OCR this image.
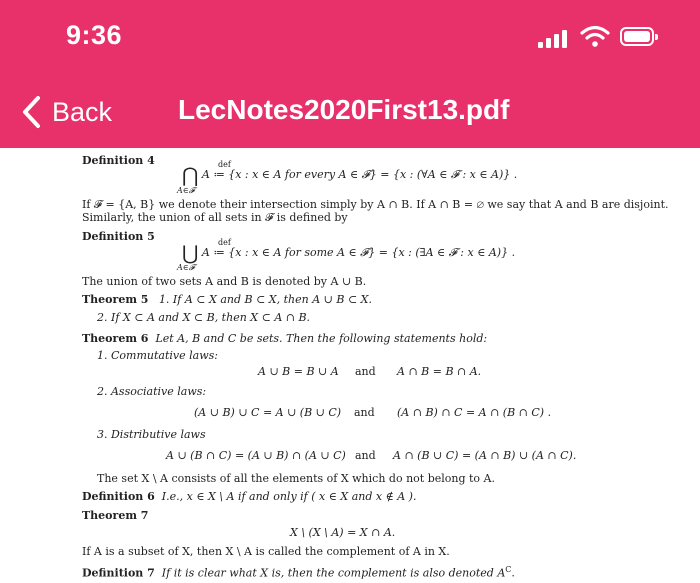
9:36
Back LecNotes2020First13.pdf
Definition 4
⋂ A ≔ {x : x ∈ A for every A ∈ 𝓕} = {x : (∀A ∈ 𝓕 : x ∈ A)} .
def
A∈𝓕
If 𝓕 = {A, B} we denote their intersection simply by A ∩ B. If A ∩ B = ∅ we say that A and B are disjoint.
Similarly, the union of all sets in 𝓕 is defined by
Definition 5
⋃ A ≔ {x : x ∈ A for some A ∈ 𝓕} = {x : (∃A ∈ 𝓕 : x ∈ A)} .
def
A∈𝓕
The union of two sets A and B is denoted by A ∪ B.
Theorem 5 1. If A ⊂ X and B ⊂ X, then A ∪ B ⊂ X.
2. If X ⊂ A and X ⊂ B, then X ⊂ A ∩ B.
Theorem 6 Let A, B and C be sets. Then the following statements hold:
1. Commutative laws:
A ∪ B = B ∪ A and A ∩ B = B ∩ A.
2. Associative laws:
(A ∪ B) ∪ C = A ∪ (B ∪ C) and (A ∩ B) ∩ C = A ∩ (B ∩ C) .
3. Distributive laws
A ∪ (B ∩ C) = (A ∪ B) ∩ (A ∪ C) and A ∩ (B ∪ C) = (A ∩ B) ∪ (A ∩ C).
The set X \ A consists of all the elements of X which do not belong to A.
Definition 6 I.e., x ∈ X \ A if and only if ( x ∈ X and x ∉ A ).
Theorem 7
X \ (X \ A) = X ∩ A.
If A is a subset of X, then X \ A is called the complement of A in X.
Definition 7 If it is clear what X is, then the complement is also denoted $A^C$.
